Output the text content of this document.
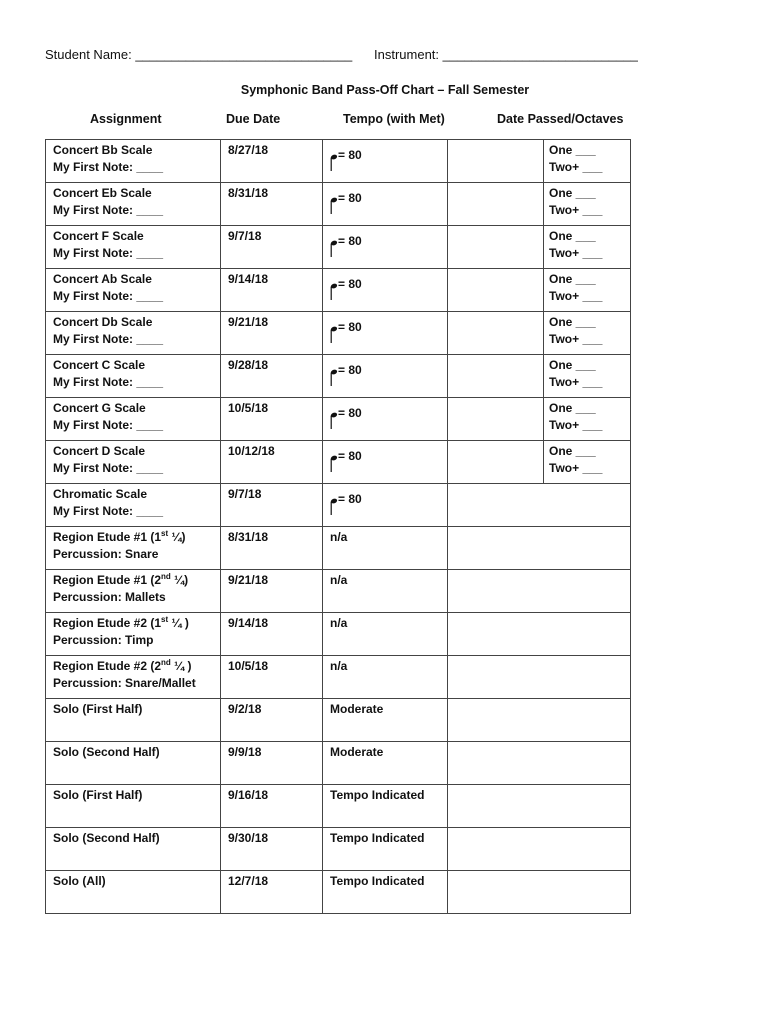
Student Name: ______________________________ Instrument: ___________________________
Symphonic Band Pass-Off Chart – Fall Semester
Assignment	Due Date	Tempo (with Met)	Date Passed/Octaves
Concert Bb Scale
My First Note: ____	8/27/18	= 80		One ___
Two+ ___

Concert Eb Scale
My First Note: ____	8/31/18	= 80		One ___
Two+ ___

Concert F Scale
My First Note: ____	9/7/18	= 80		One ___
Two+ ___

Concert Ab Scale
My First Note: ____	9/14/18	= 80		One ___
Two+ ___

Concert Db Scale
My First Note: ____	9/21/18	= 80		One ___
Two+ ___

Concert C Scale
My First Note: ____	9/28/18	= 80		One ___
Two+ ___

Concert G Scale
My First Note: ____	10/5/18	= 80		One ___
Two+ ___

Concert D Scale
My First Note: ____	10/12/18	= 80		One ___
Two+ ___

Chromatic Scale
My First Note: ____	9/7/18	= 80		

Region Etude #1 (1st ¼)
Percussion: Snare	8/31/18	n/a		

Region Etude #1 (2nd ¼)
Percussion: Mallets	9/21/18	n/a		

Region Etude #2 (1st ¼ )
Percussion: Timp	9/14/18	n/a		

Region Etude #2 (2nd ¼ )
Percussion: Snare/Mallet	10/5/18	n/a		

Solo (First Half)	9/2/18	Moderate		

Solo (Second Half)	9/9/18	Moderate		

Solo (First Half)	9/16/18	Tempo Indicated		

Solo (Second Half)	9/30/18	Tempo Indicated		

Solo (All)	12/7/18	Tempo Indicated		
